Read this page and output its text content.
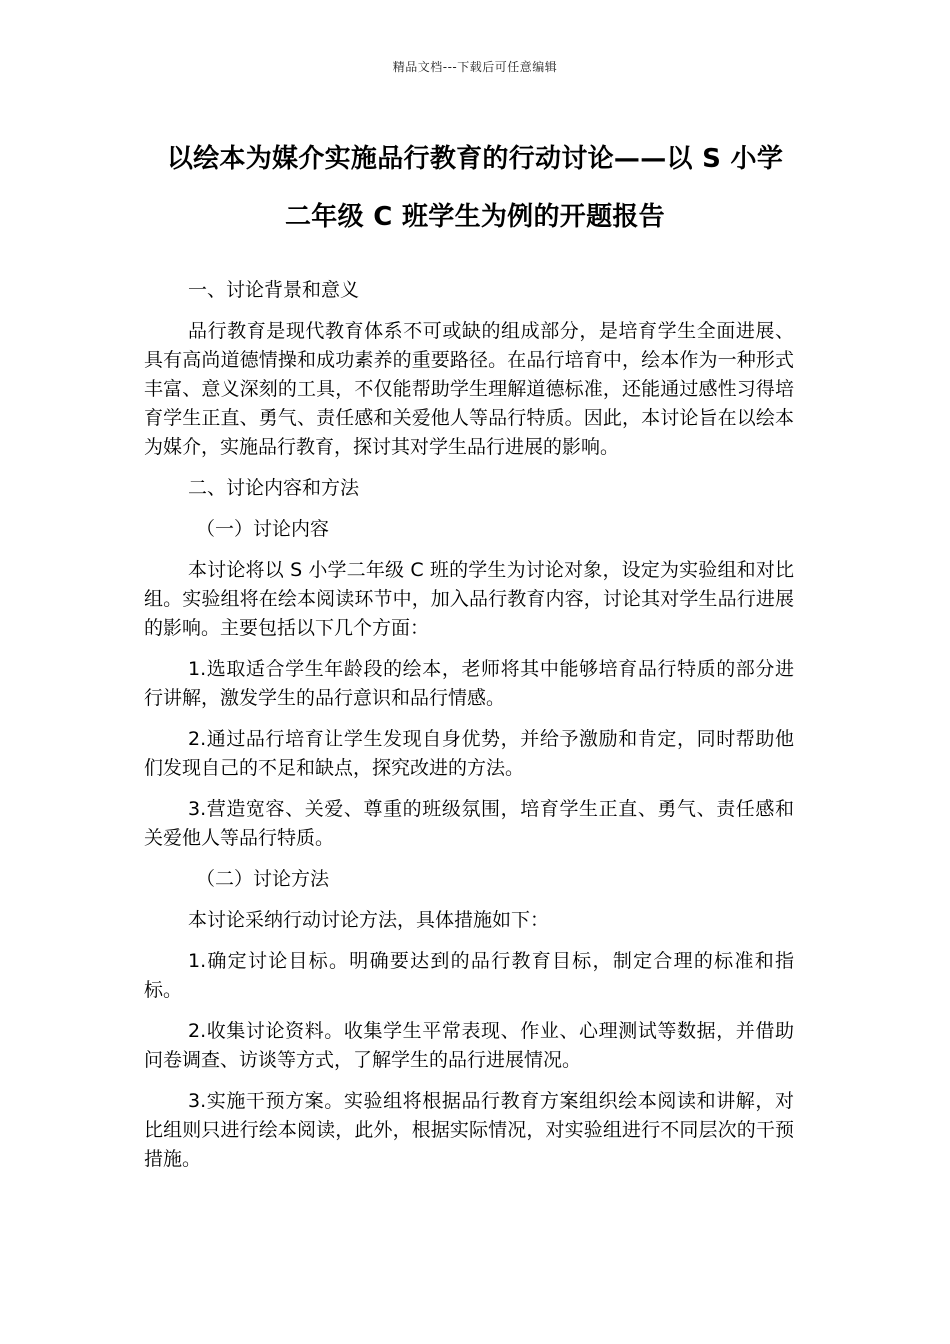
精品文档---下载后可任意编辑
以绘本为媒介实施品行教育的行动讨论——以 S 小学
二年级 C 班学生为例的开题报告

一、讨论背景和意义

品行教育是现代教育体系不可或缺的组成部分，是培育学生全面进展、具有高尚道德情操和成功素养的重要路径。在品行培育中，绘本作为一种形式丰富、意义深刻的工具，不仅能帮助学生理解道德标准，还能通过感性习得培育学生正直、勇气、责任感和关爱他人等品行特质。因此，本讨论旨在以绘本为媒介，实施品行教育，探讨其对学生品行进展的影响。

二、讨论内容和方法

（一）讨论内容

本讨论将以 S 小学二年级 C 班的学生为讨论对象，设定为实验组和对比组。实验组将在绘本阅读环节中，加入品行教育内容，讨论其对学生品行进展的影响。主要包括以下几个方面：

1.选取适合学生年龄段的绘本，老师将其中能够培育品行特质的部分进行讲解，激发学生的品行意识和品行情感。

2.通过品行培育让学生发现自身优势，并给予激励和肯定，同时帮助他们发现自己的不足和缺点，探究改进的方法。

3.营造宽容、关爱、尊重的班级氛围，培育学生正直、勇气、责任感和关爱他人等品行特质。

（二）讨论方法

本讨论采纳行动讨论方法，具体措施如下：

1.确定讨论目标。明确要达到的品行教育目标，制定合理的标准和指标。

2.收集讨论资料。收集学生平常表现、作业、心理测试等数据，并借助问卷调查、访谈等方式，了解学生的品行进展情况。

3.实施干预方案。实验组将根据品行教育方案组织绘本阅读和讲解，对比组则只进行绘本阅读，此外，根据实际情况，对实验组进行不同层次的干预措施。
